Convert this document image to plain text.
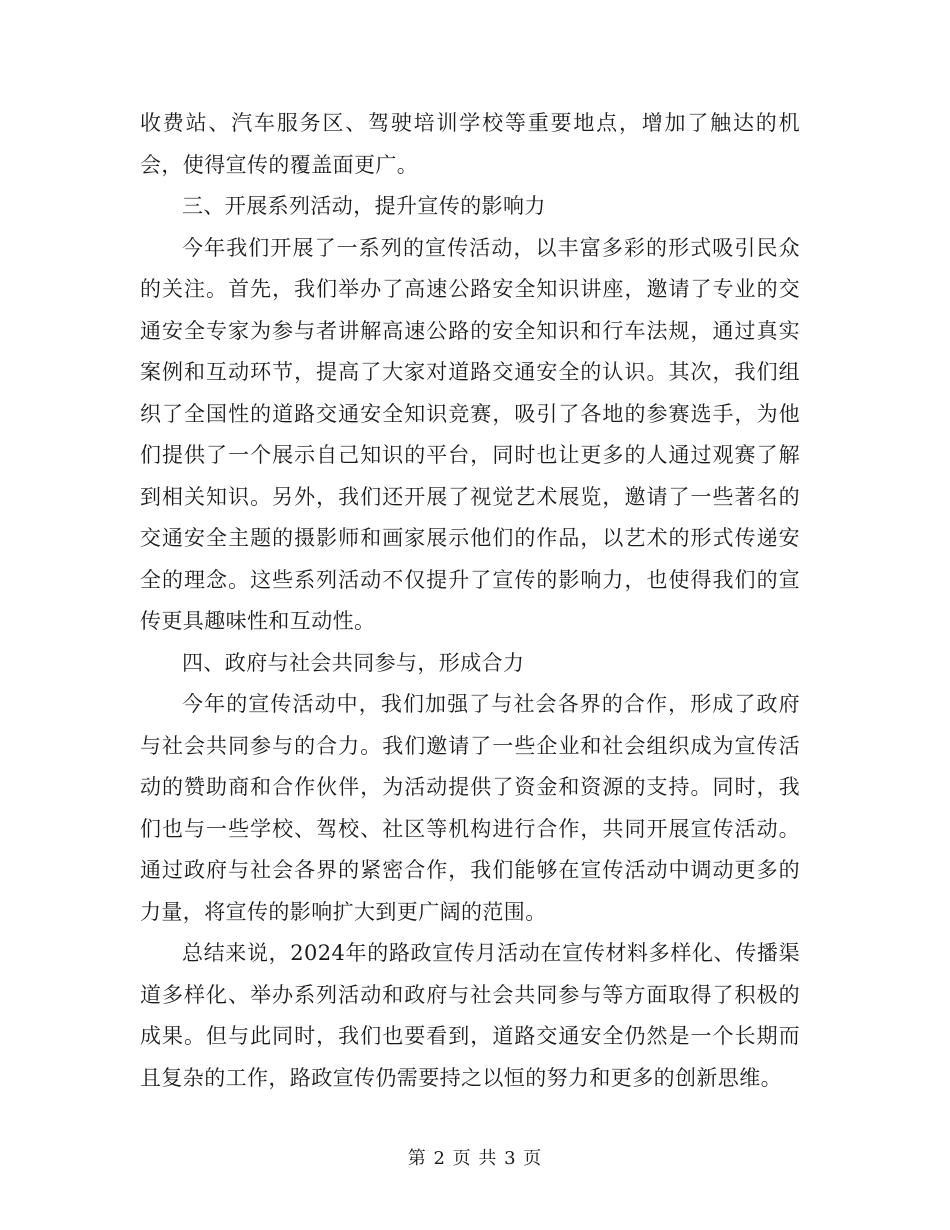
收费站、汽车服务区、驾驶培训学校等重要地点，增加了触达的机会，使得宣传的覆盖面更广。

三、开展系列活动，提升宣传的影响力

今年我们开展了一系列的宣传活动，以丰富多彩的形式吸引民众的关注。首先，我们举办了高速公路安全知识讲座，邀请了专业的交通安全专家为参与者讲解高速公路的安全知识和行车法规，通过真实案例和互动环节，提高了大家对道路交通安全的认识。其次，我们组织了全国性的道路交通安全知识竞赛，吸引了各地的参赛选手，为他们提供了一个展示自己知识的平台，同时也让更多的人通过观赛了解到相关知识。另外，我们还开展了视觉艺术展览，邀请了一些著名的交通安全主题的摄影师和画家展示他们的作品，以艺术的形式传递安全的理念。这些系列活动不仅提升了宣传的影响力，也使得我们的宣传更具趣味性和互动性。

四、政府与社会共同参与，形成合力

今年的宣传活动中，我们加强了与社会各界的合作，形成了政府与社会共同参与的合力。我们邀请了一些企业和社会组织成为宣传活动的赞助商和合作伙伴，为活动提供了资金和资源的支持。同时，我们也与一些学校、驾校、社区等机构进行合作，共同开展宣传活动。通过政府与社会各界的紧密合作，我们能够在宣传活动中调动更多的力量，将宣传的影响扩大到更广阔的范围。

总结来说，2024年的路政宣传月活动在宣传材料多样化、传播渠道多样化、举办系列活动和政府与社会共同参与等方面取得了积极的成果。但与此同时，我们也要看到，道路交通安全仍然是一个长期而且复杂的工作，路政宣传仍需要持之以恒的努力和更多的创新思维。

第 2 页 共 3 页
